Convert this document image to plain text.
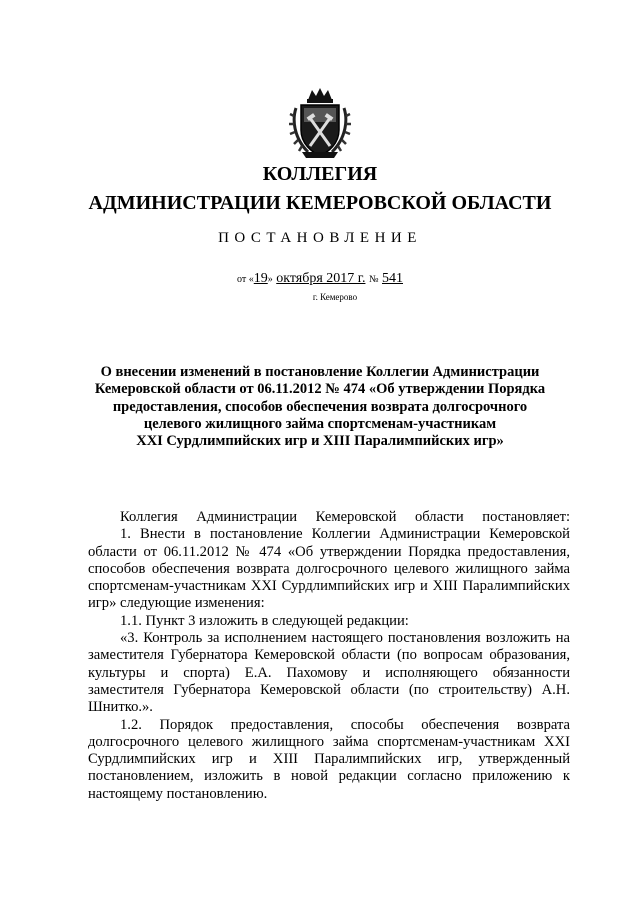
КОЛЛЕГИЯ
АДМИНИСТРАЦИИ КЕМЕРОВСКОЙ ОБЛАСТИ
ПОСТАНОВЛЕНИЕ
от «19» октября 2017 г. № 541
г. Кемерово
О внесении изменений в постановление Коллегии Администрации
Кемеровской области от 06.11.2012 № 474 «Об утверждении Порядка
предоставления, способов обеспечения возврата долгосрочного
целевого жилищного займа спортсменам-участникам
XXI Сурдлимпийских игр и XIII Паралимпийских игр»

Коллегия Администрации Кемеровской области постановляет:

1. Внести в постановление Коллегии Администрации Кемеровской области от 06.11.2012 № 474 «Об утверждении Порядка предоставления, способов обеспечения возврата долгосрочного целевого жилищного займа спортсменам-участникам XXI Сурдлимпийских игр и XIII Паралимпийских игр» следующие изменения:

1.1. Пункт 3 изложить в следующей редакции:

«3. Контроль за исполнением настоящего постановления возложить на заместителя Губернатора Кемеровской области (по вопросам образования, культуры и спорта) Е.А. Пахомову и исполняющего обязанности заместителя Губернатора Кемеровской области (по строительству) А.Н. Шнитко.».

1.2. Порядок предоставления, способы обеспечения возврата долгосрочного целевого жилищного займа спортсменам-участникам XXI Сурдлимпийских игр и XIII Паралимпийских игр, утвержденный постановлением, изложить в новой редакции согласно приложению к настоящему постановлению.
